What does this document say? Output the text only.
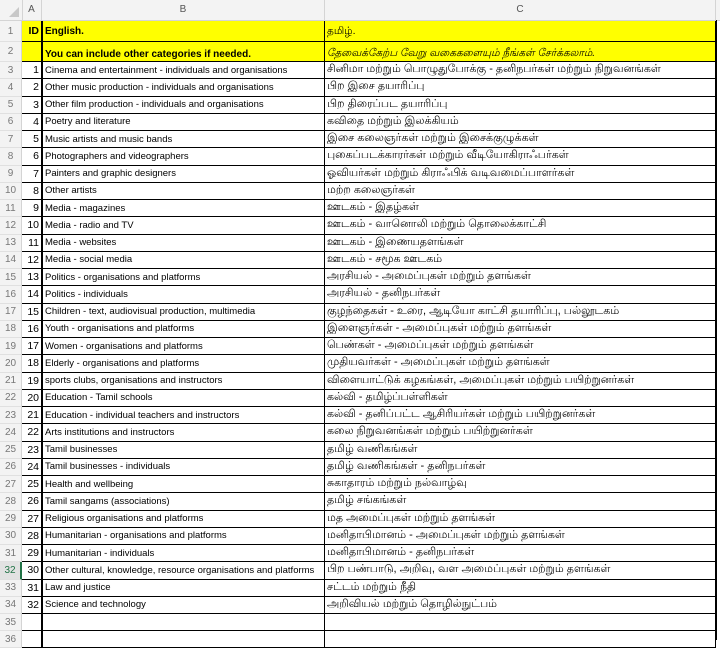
A	B	C
1	ID English.	தமிழ்.
2	You can include other categories if needed.	தேவைக்கேற்ப வேறு வகைகளையும் நீங்கள் சேர்க்கலாம்.
3	1 Cinema and entertainment - individuals and organisations	சினிமா மற்றும் பொழுதுபோக்கு - தனிநபர்கள் மற்றும் நிறுவனங்கள்
4	2 Other music production - individuals and organisations	பிற இசை தயாரிப்பு
5	3 Other film production - individuals and organisations	பிற திரைப்பட தயாரிப்பு
6	4 Poetry and literature	கவிதை மற்றும் இலக்கியம்
7	5 Music artists and music bands	இசை கலைஞர்கள் மற்றும் இசைக்குழுக்கள்
8	6 Photographers and videographers	புகைப்படக்காரர்கள் மற்றும் வீடியோகிராஃபர்கள்
9	7 Painters and graphic designers	ஓவியர்கள் மற்றும் கிராஃபிக் வடிவமைப்பாளர்கள்
10	8 Other artists	மற்ற கலைஞர்கள்
11	9 Media - magazines	ஊடகம் - இதழ்கள்
12	10 Media - radio and TV	ஊடகம் - வானொலி மற்றும் தொலைக்காட்சி
13	11 Media - websites	ஊடகம் - இணையதளங்கள்
14	12 Media - social media	ஊடகம் - சமூக ஊடகம்
15	13 Politics - organisations and platforms	அரசியல் - அமைப்புகள் மற்றும் தளங்கள்
16	14 Politics - individuals	அரசியல் - தனிநபர்கள்
17	15 Children - text, audiovisual production, multimedia	குழந்தைகள் - உரை, ஆடியோ காட்சி தயாரிப்பு, பல்லூடகம்
18	16 Youth - organisations and platforms	இளைஞர்கள் - அமைப்புகள் மற்றும் தளங்கள்
19	17 Women - organisations and platforms	பெண்கள் - அமைப்புகள் மற்றும் தளங்கள்
20	18 Elderly - organisations and platforms	முதியவர்கள் - அமைப்புகள் மற்றும் தளங்கள்
21	19 sports clubs, organisations and instructors	விளையாட்டுக் கழகங்கள், அமைப்புகள் மற்றும் பயிற்றுனர்கள்
22	20 Education - Tamil schools	கல்வி - தமிழ்ப்பள்ளிகள்
23	21 Education - individual teachers and instructors	கல்வி - தனிப்பட்ட ஆசிரியர்கள் மற்றும் பயிற்றுனர்கள்
24	22 Arts institutions and instructors	கலை நிறுவனங்கள் மற்றும் பயிற்றுனர்கள்
25	23 Tamil businesses	தமிழ் வணிகங்கள்
26	24 Tamil businesses - individuals	தமிழ் வணிகங்கள் - தனிநபர்கள்
27	25 Health and wellbeing	சுகாதாரம் மற்றும் நல்வாழ்வு
28	26 Tamil sangams (associations)	தமிழ் சங்கங்கள்
29	27 Religious organisations and platforms	மத அமைப்புகள் மற்றும் தளங்கள்
30	28 Humanitarian - organisations and platforms	மனிதாபிமானம் - அமைப்புகள் மற்றும் தளங்கள்
31	29 Humanitarian - individuals	மனிதாபிமானம் - தனிநபர்கள்
32	30 Other cultural, knowledge, resource organisations and platforms	பிற பண்பாடு, அறிவு, வள அமைப்புகள் மற்றும் தளங்கள்
33	31 Law and justice	சட்டம் மற்றும் நீதி
34	32 Science and technology	அறிவியல் மற்றும் தொழில்நுட்பம்
35
36
